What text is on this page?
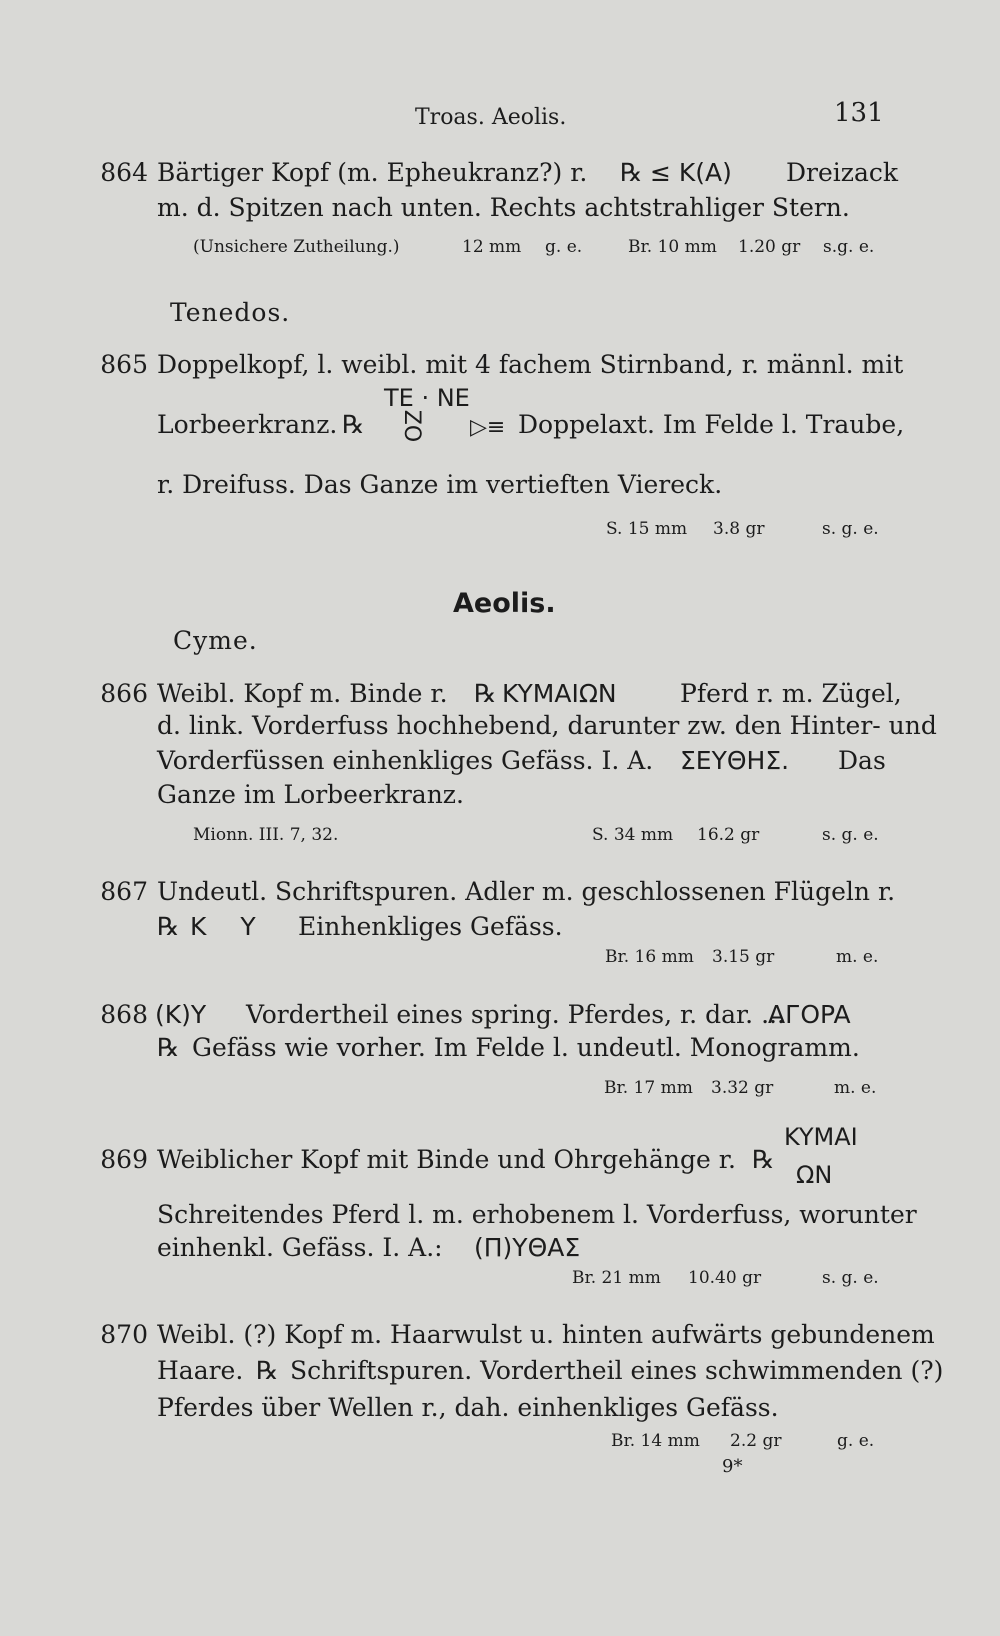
Troas. Aeolis.	131
864 Bärtiger Kopf (m. Epheukranz?) r. ℞ ≤ K(A) Dreizack
m. d. Spitzen nach unten. Rechts achtstrahliger Stern.
(Unsichere Zutheilung.)	12 mm g. e.	Br. 10 mm 1.20 gr s.g. e.
Tenedos.
865 Doppelkopf, l. weibl. mit 4 fachem Stirnband, r. männl. mit
TE · NE
Lorbeerkranz. ℞ ZO ▷≡ Doppelaxt. Im Felde l. Traube,
r. Dreifuss. Das Ganze im vertieften Viereck.
S. 15 mm 3.8 gr	s. g. e.
Aeolis.
Cyme.
866 Weibl. Kopf m. Binde r. ℞ KYMAIΩN	Pferd r. m. Zügel,
d. link. Vorderfuss hochhebend, darunter zw. den Hinter- und
Vorderfüssen einhenkliges Gefäss. I. A. ΣEYΘHΣ. Das
Ganze im Lorbeerkranz.
Mionn. III. 7, 32.	S. 34 mm 16.2 gr	s. g. e.
867 Undeutl. Schriftspuren. Adler m. geschlossenen Flügeln r.
℞ K Y Einhenkliges Gefäss.
Br. 16 mm 3.15 gr	m. e.
868 (K)Y Vordertheil eines spring. Pferdes, r. dar. ...
AГOPA
℞ Gefäss wie vorher. Im Felde l. undeutl. Monogramm.
Br. 17 mm 3.32 gr	m. e.
KYMAI
869 Weiblicher Kopf mit Binde und Ohrgehänge r. ℞
ΩN
Schreitendes Pferd l. m. erhobenem l. Vorderfuss, worunter
einhenkl. Gefäss. I. A.: (Π)YΘAΣ
Br. 21 mm 10.40 gr	s. g. e.
870 Weibl. (?) Kopf m. Haarwulst u. hinten aufwärts gebundenem
Haare. ℞ Schriftspuren. Vordertheil eines schwimmenden (?)
Pferdes über Wellen r., dah. einhenkliges Gefäss.
Br. 14 mm 2.2 gr	g. e.
9*
